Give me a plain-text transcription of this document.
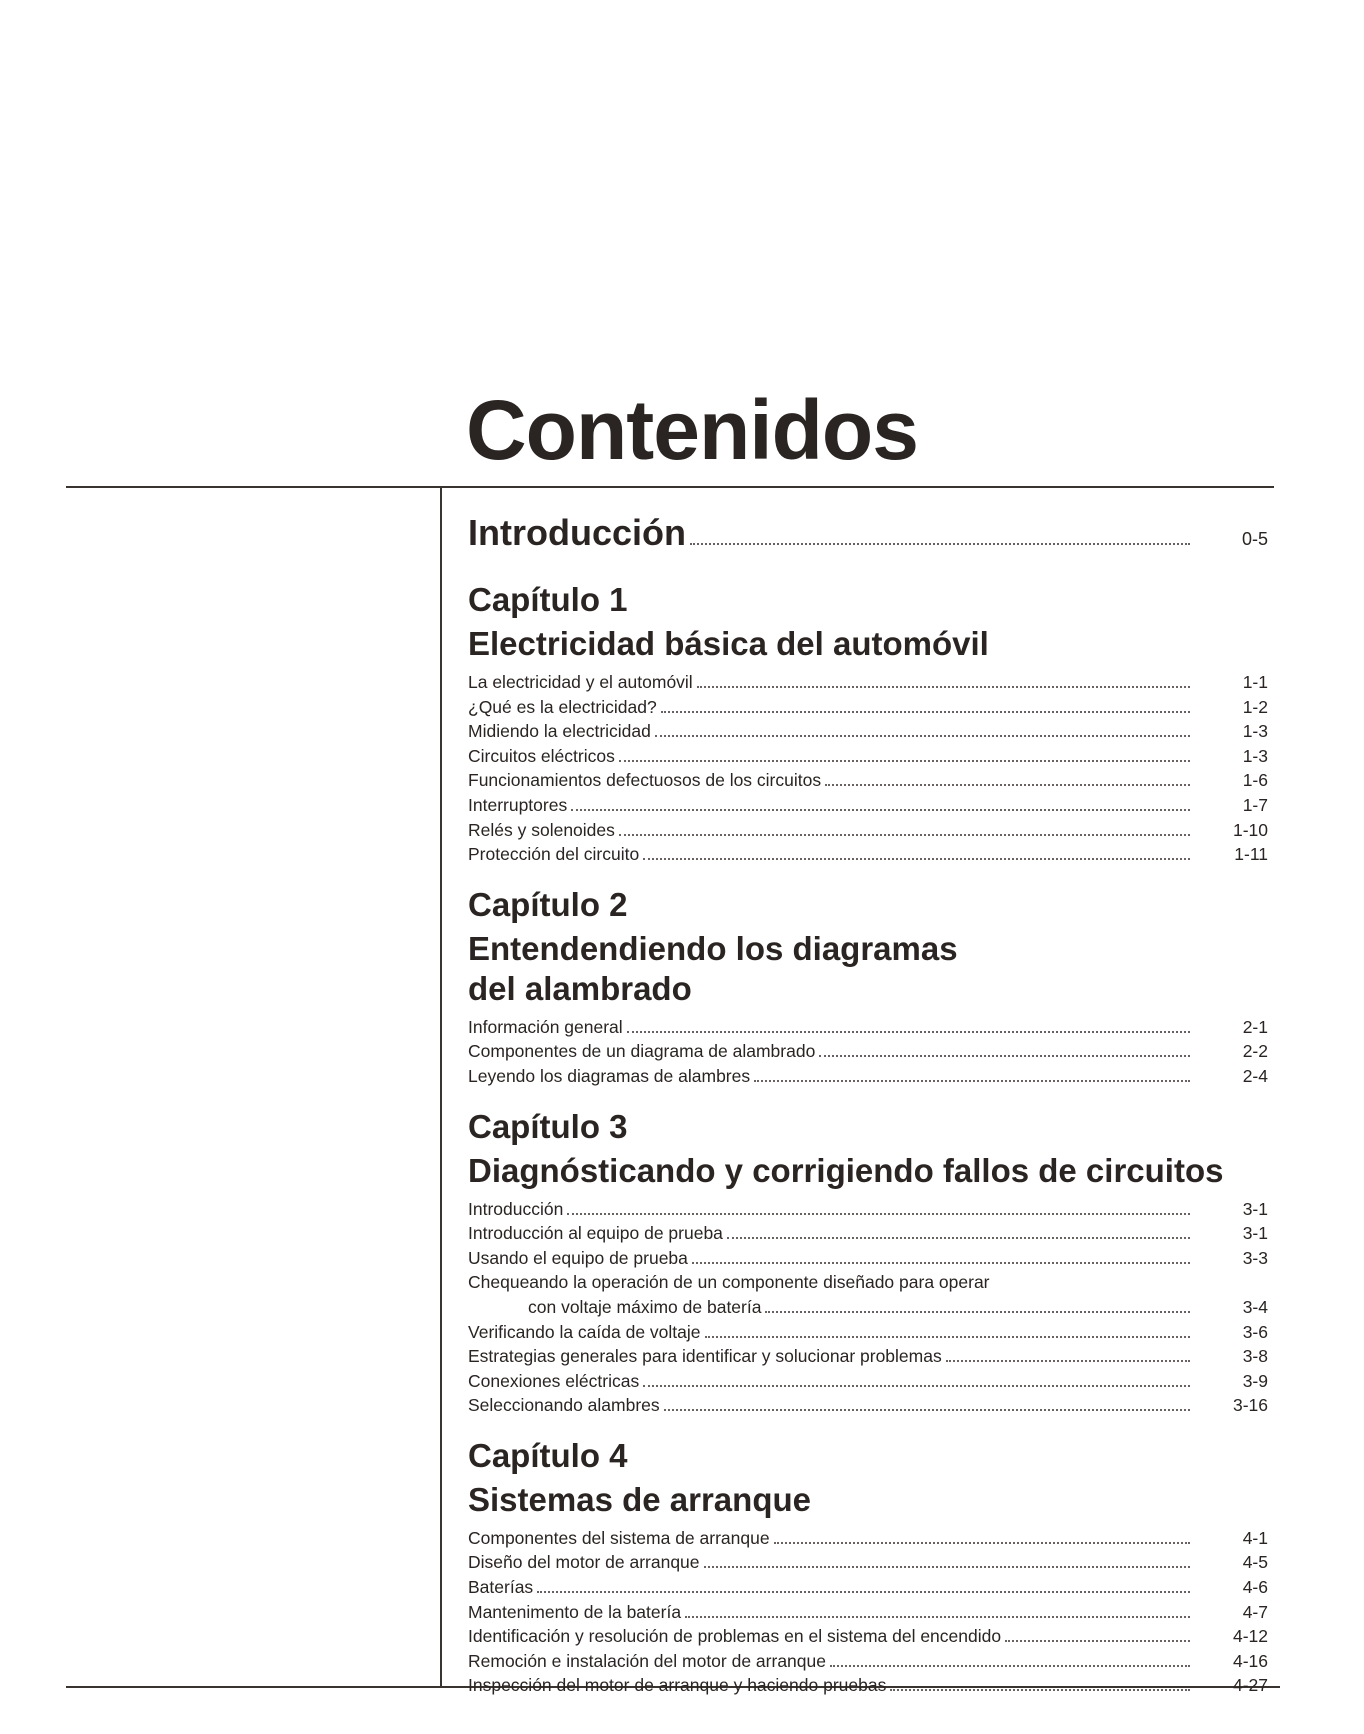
Contenidos
Introducción	0-5
Capítulo 1
Electricidad básica del automóvil
La electricidad y el automóvil	1-1
¿Qué es la electricidad?	1-2
Midiendo la electricidad	1-3
Circuitos eléctricos	1-3
Funcionamientos defectuosos de los circuitos	1-6
Interruptores	1-7
Relés y solenoides	1-10
Protección del circuito	1-11
Capítulo 2
Entendendiendo los diagramas
del alambrado
Información general	2-1
Componentes de un diagrama de alambrado	2-2
Leyendo los diagramas de alambres	2-4
Capítulo 3
Diagnósticando y corrigiendo fallos de circuitos
Introducción	3-1
Introducción al equipo de prueba	3-1
Usando el equipo de prueba	3-3
Chequeando la operación de un componente diseñado para operar
con voltaje máximo de batería	3-4
Verificando la caída de voltaje	3-6
Estrategias generales para identificar y solucionar problemas	3-8
Conexiones eléctricas	3-9
Seleccionando alambres	3-16
Capítulo 4
Sistemas de arranque
Componentes del sistema de arranque	4-1
Diseño del motor de arranque	4-5
Baterías	4-6
Mantenimento de la batería	4-7
Identificación y resolución de problemas en el sistema del encendido	4-12
Remoción e instalación del motor de arranque	4-16
Inspección del motor de arranque y haciendo pruebas	4-27
